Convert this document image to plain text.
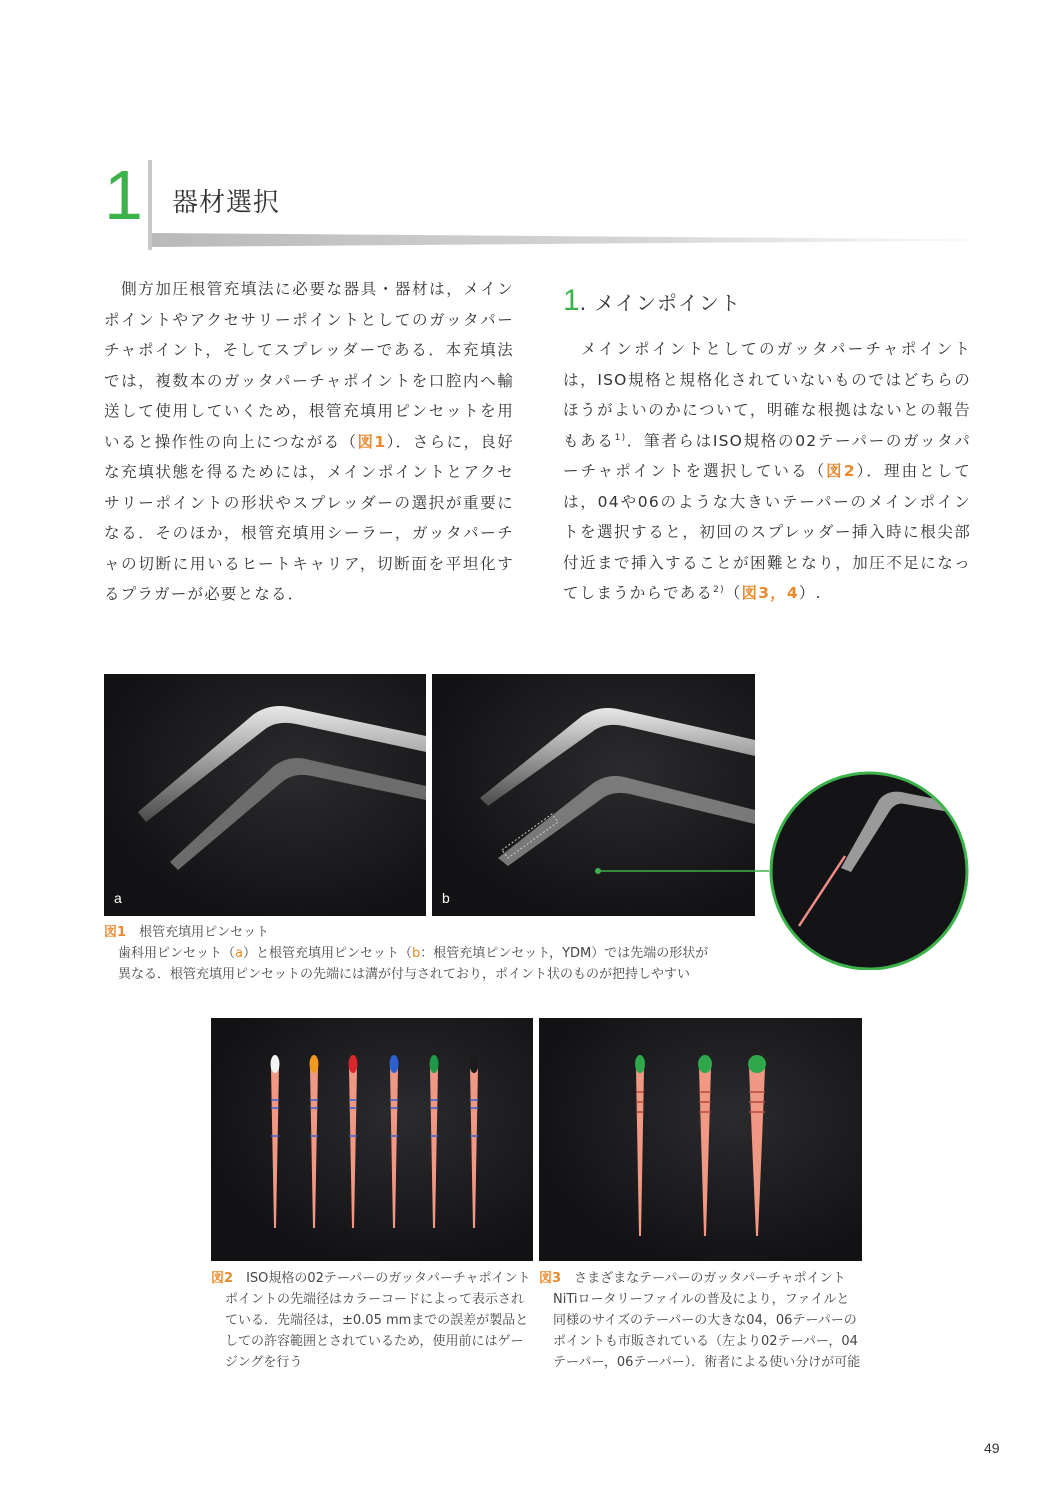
1 器材選択

　側方加圧根管充填法に必要な器具・器材は，メインポイントやアクセサリーポイントとしてのガッタパーチャポイント，そしてスプレッダーである．本充填法では，複数本のガッタパーチャポイントを口腔内へ輸送して使用していくため，根管充填用ピンセットを用いると操作性の向上につながる（図1）．さらに，良好な充填状態を得るためには，メインポイントとアクセサリーポイントの形状やスプレッダーの選択が重要になる．そのほか，根管充填用シーラー，ガッタパーチャの切断に用いるヒートキャリア，切断面を平坦化するプラガーが必要となる．

1. メインポイント

　メインポイントとしてのガッタパーチャポイントは，ISO規格と規格化されていないものではどちらのほうがよいのかについて，明確な根拠はないとの報告もある$^{1)}$．筆者らはISO規格の02テーパーのガッタパーチャポイントを選択している（図2）．理由としては，04や06のような大きいテーパーのメインポイントを選択すると，初回のスプレッダー挿入時に根尖部付近まで挿入することが困難となり，加圧不足になってしまうからである$^{2)}$（図3，4）.

a	b
図1　 根管充填用ピンセット
歯科用ピンセット（a）と根管充填用ピンセット（b：根管充填ピンセット，YDM）では先端の形状が
異なる．根管充填用ピンセットの先端には溝が付与されており，ポイント状のものが把持しやすい
図2　 ISO規格の02テーパーのガッタパーチャポイント
ポイントの先端径はカラーコードによって表示されている．先端径は，±0.05 mmまでの誤差が製品としての許容範囲とされているため，使用前にはゲージングを行う
図3　 さまざまなテーパーのガッタパーチャポイント
NiTiロータリーファイルの普及により，ファイルと同様のサイズのテーパーの大きな04，06テーパーのポイントも市販されている（左より02テーパー，04テーパー，06テーパー）．術者による使い分けが可能
49
